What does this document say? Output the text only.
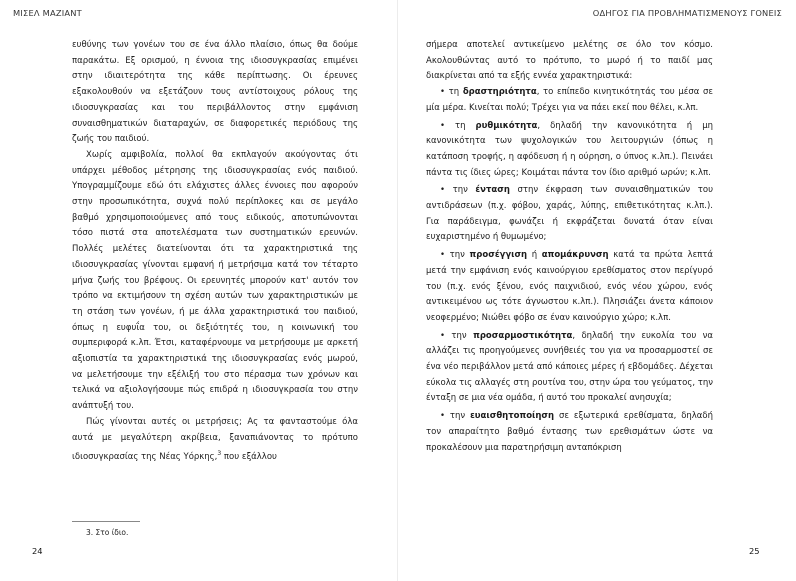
ΜΙΣΕΛ ΜΑΖΙΑΝΤ	ΟΔΗΓΟΣ ΓΙΑ ΠΡΟΒΛΗΜΑΤΙΣΜΕΝΟΥΣ ΓΟΝΕΙΣ

ευθύνης των γονέων του σε ένα άλλο πλαίσιο, όπως θα δούμε παρακάτω. Εξ ορισμού, η έννοια της ιδιοσυγκρασίας επιμένει στην ιδιαιτερότητα της κάθε περίπτωσης. Οι έρευνες εξακολουθούν να εξετάζουν τους αντίστοιχους ρόλους της ιδιοσυγκρασίας και του περιβάλλοντος στην εμφάνιση συναισθηματικών διαταραχών, σε διαφορετικές περιόδους της ζωής του παιδιού.

Χωρίς αμφιβολία, πολλοί θα εκπλαγούν ακούγοντας ότι υπάρχει μέθοδος μέτρησης της ιδιοσυγκρασίας ενός παιδιού. Υπογραμμίζουμε εδώ ότι ελάχιστες άλλες έννοιες που αφορούν στην προσωπικότητα, συχνά πολύ περίπλοκες και σε μεγάλο βαθμό χρησιμοποιούμενες από τους ειδικούς, αποτυπώνονται τόσο πιστά στα αποτελέσματα των συστηματικών ερευνών. Πολλές μελέτες διατείνονται ότι τα χαρακτηριστικά της ιδιοσυγκρασίας γίνονται εμφανή ή μετρήσιμα κατά τον τέταρτο μήνα ζωής του βρέφους. Οι ερευνητές μπορούν κατ' αυτόν τον τρόπο να εκτιμήσουν τη σχέση αυτών των χαρακτηριστικών με τη στάση των γονέων, ή με άλλα χαρακτηριστικά του παιδιού, όπως η ευφυΐα του, οι δεξιότητές του, η κοινωνική του συμπεριφορά κ.λπ. Έτσι, καταφέρνουμε να μετρήσουμε με αρκετή αξιοπιστία τα χαρακτηριστικά της ιδιοσυγκρασίας ενός μωρού, να μελετήσουμε την εξέλιξή του στο πέρασμα των χρόνων και τελικά να αξιολογήσουμε πώς επιδρά η ιδιοσυγκρασία του στην ανάπτυξή του.

Πώς γίνονται αυτές οι μετρήσεις; Ας τα φανταστούμε όλα αυτά με μεγαλύτερη ακρίβεια, ξαναπιάνοντας το πρότυπο ιδιοσυγκρασίας της Νέας Υόρκης,$^3$ που εξάλλου

3. Στο ίδιο.
24

σήμερα αποτελεί αντικείμενο μελέτης σε όλο τον κόσμο. Ακολουθώντας αυτό το πρότυπο, το μωρό ή το παιδί μας διακρίνεται από τα εξής εννέα χαρακτηριστικά:

• τη δραστηριότητα, το επίπεδο κινητικότητάς του μέσα σε μία μέρα. Κινείται πολύ; Τρέχει για να πάει εκεί που θέλει, κ.λπ.

• τη ρυθμικότητα, δηλαδή την κανονικότητα ή μη κανονικότητα των ψυχολογικών του λειτουργιών (όπως η κατάποση τροφής, η αφόδευση ή η ούρηση, ο ύπνος κ.λπ.). Πεινάει πάντα τις ίδιες ώρες; Κοιμάται πάντα τον ίδιο αριθμό ωρών; κ.λπ.

• την ένταση στην έκφραση των συναισθηματικών του αντιδράσεων (π.χ. φόβου, χαράς, λύπης, επιθετικότητας κ.λπ.). Για παράδειγμα, φωνάζει ή εκφράζεται δυνατά όταν είναι ευχαριστημένο ή θυμωμένο;

• την προσέγγιση ή απομάκρυνση κατά τα πρώτα λεπτά μετά την εμφάνιση ενός καινούργιου ερεθίσματος στον περίγυρό του (π.χ. ενός ξένου, ενός παιχνιδιού, ενός νέου χώρου, ενός αντικειμένου ως τότε άγνωστου κ.λπ.). Πλησιάζει άνετα κάποιον νεοφερμένο; Νιώθει φόβο σε έναν καινούργιο χώρο; κ.λπ.

• την προσαρμοστικότητα, δηλαδή την ευκολία του να αλλάζει τις προηγούμενες συνήθειές του για να προσαρμοστεί σε ένα νέο περιβάλλον μετά από κάποιες μέρες ή εβδομάδες. Δέχεται εύκολα τις αλλαγές στη ρουτίνα του, στην ώρα του γεύματος, την ένταξη σε μια νέα ομάδα, ή αυτό του προκαλεί ανησυχία;

• την ευαισθητοποίηση σε εξωτερικά ερεθίσματα, δηλαδή τον απαραίτητο βαθμό έντασης των ερεθισμάτων ώστε να προκαλέσουν μια παρατηρήσιμη ανταπόκριση

25
